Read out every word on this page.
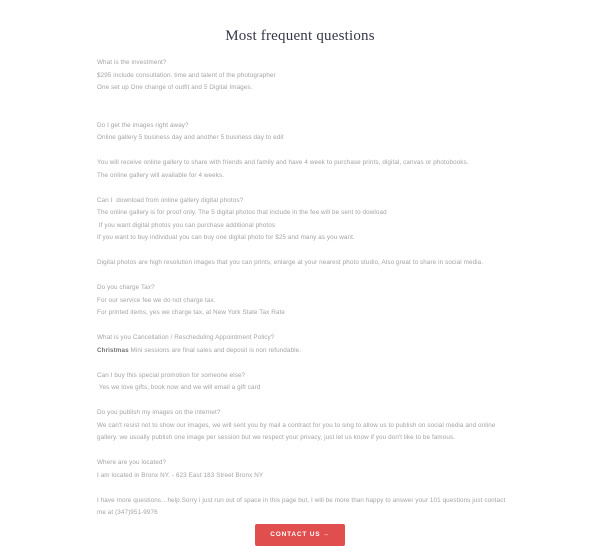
Most frequent questions

What is the investment?
$295 include consultation. time and talent of the photographer
One set up One change of outfit and 5 Digital Images.

Do I get the images right away?
Online gallery 5 business day and another 5 business day to edit

You will receive online gallery to share with friends and family and have 4 week to purchase prints, digital, canvas or photobooks.
The online gallery will available for 4 weeks.

Can I  download from online gallery digital photos?
The online gallery is for proof only. The 5 digital photos that include in the fee will be sent to dowload
If you want digital photos you can purchase additional photos
If you want to buy individual you can buy one digital photo for $25 and many as you want.

Digital photos are high resolution images that you can prints, enlarge at your nearest photo studio, Also great to share in social media.

Do you charge Tax?
For our service fee we do not charge tax.
For printed items, yes we charge tax, at New York State Tax Rate

What is you Cancellation / Rescheduling Appointment Policy?
Christmas Mini sessions are final sales and deposit is non refundable.

Can I buy this special promotion for someone else?
Yes we love gifts, book now and we will email a gift card

Do you publish my images on the internet?
We can't resist not to show our images, we will sent you by mail a contract for you to sing to allow us to publish on social media and online gallery. we usually publish one image per session but we respect your privacy, just let us know if you don't like to be famous.

Where are you located?
I am located in Bronx NY. - 623 East 183 Street Bronx NY

I have more questions…help.Sorry i just run out of space in this page but, I will be more than happy to answer your 101 questions just contact me at (347)951-9976

CONTACT US →
